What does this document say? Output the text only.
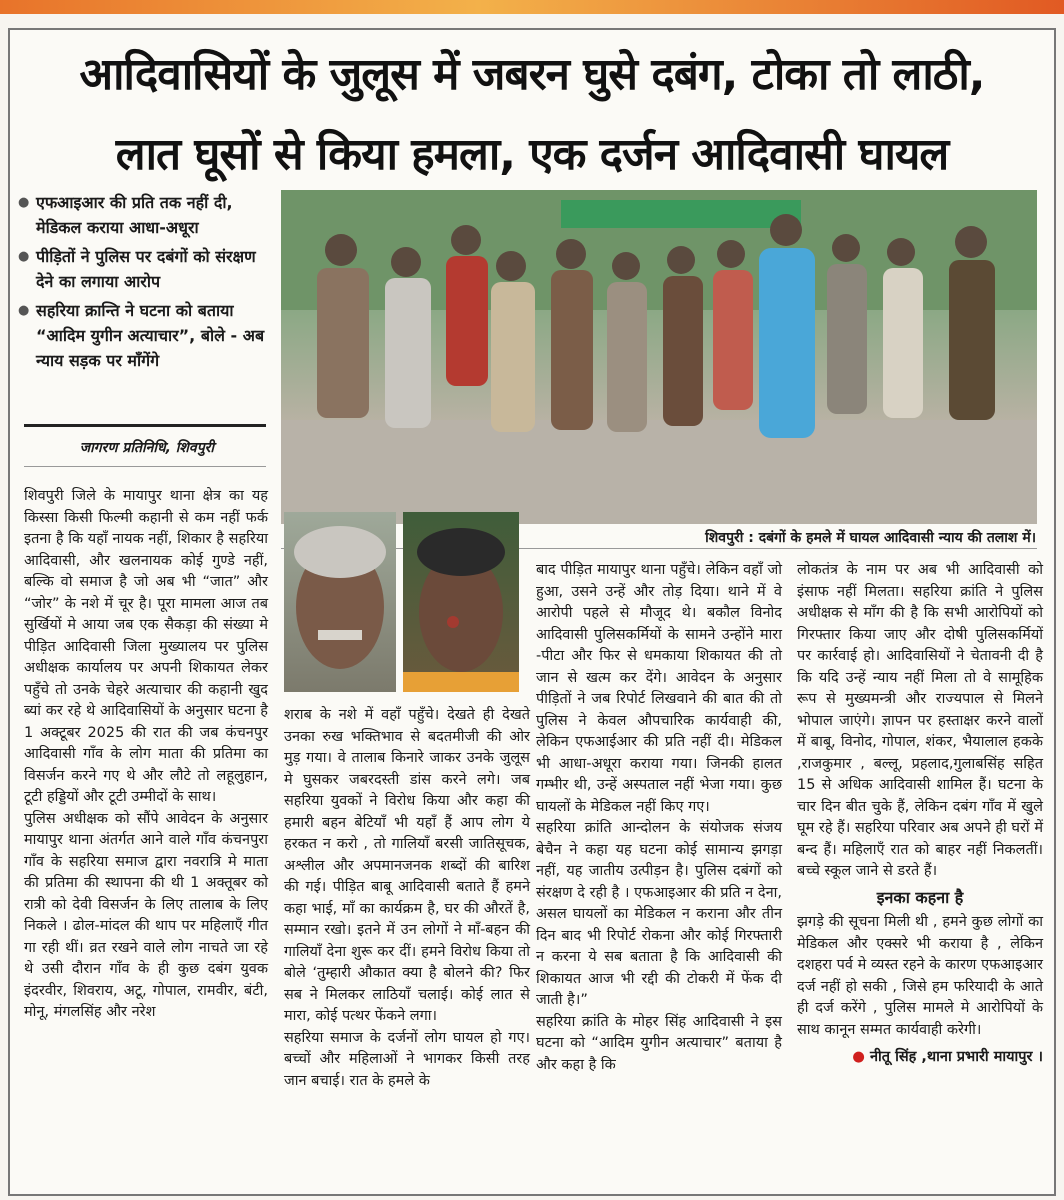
आदिवासियों के जुलूस में जबरन घुसे दबंग, टोका तो लाठी,
लात घूसों से किया हमला, एक दर्जन आदिवासी घायल
● एफआइआर की प्रति तक नहीं दी, मेडिकल कराया आधा-अधूरा
● पीड़ितों ने पुलिस पर दबंगों को संरक्षण देने का लगाया आरोप
● सहरिया क्रान्ति ने घटना को बताया “आदिम युगीन अत्याचार”, बोले - अब न्याय सड़क पर माँगेंगे
जागरण प्रतिनिधि, शिवपुरी
शिवपुरी : दबंगों के हमले में घायल आदिवासी न्याय की तलाश में।

शिवपुरी जिले के मायापुर थाना क्षेत्र का यह किस्सा किसी फिल्मी कहानी से कम नहीं फर्क इतना है कि यहाँ नायक नहीं, शिकार है सहरिया आदिवासी, और खलनायक कोई गुण्डे नहीं, बल्कि वो समाज है जो अब भी “जात” और “जोर” के नशे में चूर है। पूरा मामला आज तब सुर्खियों मे आया जब एक सैकड़ा की संख्या मे पीड़ित आदिवासी जिला मुख्यालय पर पुलिस अधीक्षक कार्यालय पर अपनी शिकायत लेकर पहुँचे तो उनके चेहरे अत्याचार की कहानी खुद ब्यां कर रहे थे आदिवासियों के अनुसार घटना है 1 अक्टूबर 2025 की रात की जब कंचनपुर आदिवासी गाँव के लोग माता की प्रतिमा का विसर्जन करने गए थे और लौटे तो लहूलुहान, टूटी हड्डियों और टूटी उम्मीदों के साथ।

पुलिस अधीक्षक को सौंपे आवेदन के अनुसार मायापुर थाना अंतर्गत आने वाले गाँव कंचनपुरा गाँव के सहरिया समाज द्वारा नवरात्रि मे माता की प्रतिमा की स्थापना की थी 1 अक्तूबर को रात्री को देवी विसर्जन के लिए तालाब के लिए निकले । ढोल-मांदल की थाप पर महिलाएँ गीत गा रही थीं। व्रत रखने वाले लोग नाचते जा रहे थे उसी दौरान गाँव के ही कुछ दबंग युवक इंदरवीर, शिवराय, अटू, गोपाल, रामवीर, बंटी, मोनू, मंगलसिंह और नरेश

शराब के नशे में वहाँ पहुँचे। देखते ही देखते उनका रुख भक्तिभाव से बदतमीजी की ओर मुड़ गया। वे तालाब किनारे जाकर उनके जुलूस मे घुसकर जबरदस्ती डांस करने लगे। जब सहरिया युवकों ने विरोध किया और कहा की हमारी बहन बेटियाँ भी यहाँ हैं आप लोग ये हरकत न करो , तो गालियाँ बरसी जातिसूचक, अश्लील और अपमानजनक शब्दों की बारिश की गई। पीड़ित बाबू आदिवासी बताते हैं हमने कहा भाई, माँ का कार्यक्रम है, घर की औरतें है, सम्मान रखो। इतने में उन लोगों ने माँ-बहन की गालियाँ देना शुरू कर दीं। हमने विरोध किया तो बोले ‘तुम्हारी औकात क्या है बोलने की? फिर सब ने मिलकर लाठियाँ चलाई। कोई लात से मारा, कोई पत्थर फेंकने लगा।

सहरिया समाज के दर्जनों लोग घायल हो गए। बच्चों और महिलाओं ने भागकर किसी तरह जान बचाई। रात के हमले के

बाद पीड़ित मायापुर थाना पहुँचे। लेकिन वहाँ जो हुआ, उसने उन्हें और तोड़ दिया। थाने में वे आरोपी पहले से मौजूद थे। बकौल विनोद आदिवासी पुलिसकर्मियों के सामने उन्होंने मारा -पीटा और फिर से धमकाया शिकायत की तो जान से खत्म कर देंगे। आवेदन के अनुसार पीड़ितों ने जब रिपोर्ट लिखवाने की बात की तो पुलिस ने केवल औपचारिक कार्यवाही की, लेकिन एफआईआर की प्रति नहीं दी। मेडिकल भी आधा-अधूरा कराया गया। जिनकी हालत गम्भीर थी, उन्हें अस्पताल नहीं भेजा गया। कुछ घायलों के मेडिकल नहीं किए गए।

सहरिया क्रांति आन्दोलन के संयोजक संजय बेचैन ने कहा यह घटना कोई सामान्य झगड़ा नहीं, यह जातीय उत्पीड़न है। पुलिस दबंगों को संरक्षण दे रही है । एफआइआर की प्रति न देना, असल घायलों का मेडिकल न कराना और तीन दिन बाद भी रिपोर्ट रोकना और कोई गिरफ्तारी न करना ये सब बताता है कि आदिवासी की शिकायत आज भी रद्दी की टोकरी में फेंक दी जाती है।”

सहरिया क्रांति के मोहर सिंह आदिवासी ने इस घटना को “आदिम युगीन अत्याचार” बताया है और कहा है कि

लोकतंत्र के नाम पर अब भी आदिवासी को इंसाफ नहीं मिलता। सहरिया क्रांति ने पुलिस अधीक्षक से माँग की है कि सभी आरोपियों को गिरफ्तार किया जाए और दोषी पुलिसकर्मियों पर कार्रवाई हो। आदिवासियों ने चेतावनी दी है कि यदि उन्हें न्याय नहीं मिला तो वे सामूहिक रूप से मुख्यमन्त्री और राज्यपाल से मिलने भोपाल जाएंगे। ज्ञापन पर हस्ताक्षर करने वालों में बाबू, विनोद, गोपाल, शंकर, भैयालाल हकके ,राजकुमार , बल्लू, प्रहलाद,गुलाबसिंह सहित 15 से अधिक आदिवासी शामिल हैं। घटना के चार दिन बीत चुके हैं, लेकिन दबंग गाँव में खुले घूम रहे हैं। सहरिया परिवार अब अपने ही घरों में बन्द हैं। महिलाएँ रात को बाहर नहीं निकलतीं। बच्चे स्कूल जाने से डरते हैं।

इनका कहना है

झगड़े की सूचना मिली थी , हमने कुछ लोगों का मेडिकल और एक्सरे भी कराया है , लेकिन दशहरा पर्व मे व्यस्त रहने के कारण एफआइआर दर्ज नहीं हो सकी , जिसे हम फरियादी के आते ही दर्ज करेंगे , पुलिस मामले मे आरोपियों के साथ कानून सम्मत कार्यवाही करेगी।

● नीतू सिंह ,थाना प्रभारी मायापुर ।
